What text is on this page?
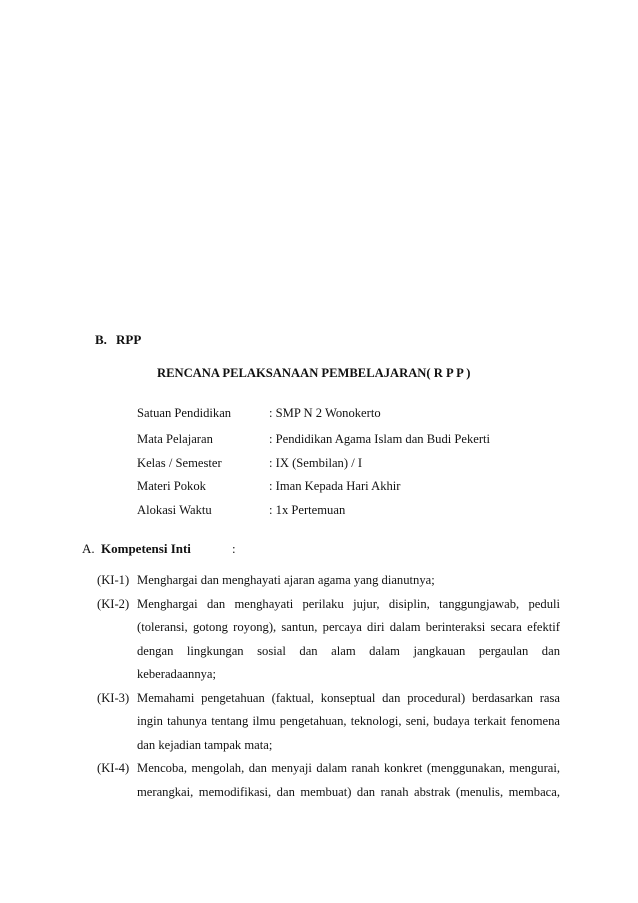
B. RPP
RENCANA PELAKSANAAN PEMBELAJARAN( R P P )
Satuan Pendidikan	: SMP N 2 Wonokerto
Mata Pelajaran	: Pendidikan Agama Islam dan Budi Pekerti
Kelas / Semester	: IX (Sembilan) / I
Materi Pokok	: Iman Kepada Hari Akhir
Alokasi Waktu	: 1x Pertemuan
A. Kompetensi Inti	:
(KI-1) Menghargai dan menghayati ajaran agama yang dianutnya;
(KI-2) Menghargai dan menghayati perilaku jujur, disiplin, tanggungjawab, peduli
(toleransi, gotong royong), santun, percaya diri dalam berinteraksi secara efektif
dengan lingkungan sosial dan alam dalam jangkauan pergaulan dan
keberadaannya;
(KI-3) Memahami pengetahuan (faktual, konseptual dan procedural) berdasarkan rasa
ingin tahunya tentang ilmu pengetahuan, teknologi, seni, budaya terkait fenomena
dan kejadian tampak mata;
(KI-4) Mencoba, mengolah, dan menyaji dalam ranah konkret (menggunakan, mengurai,
merangkai, memodifikasi, dan membuat) dan ranah abstrak (menulis, membaca,
